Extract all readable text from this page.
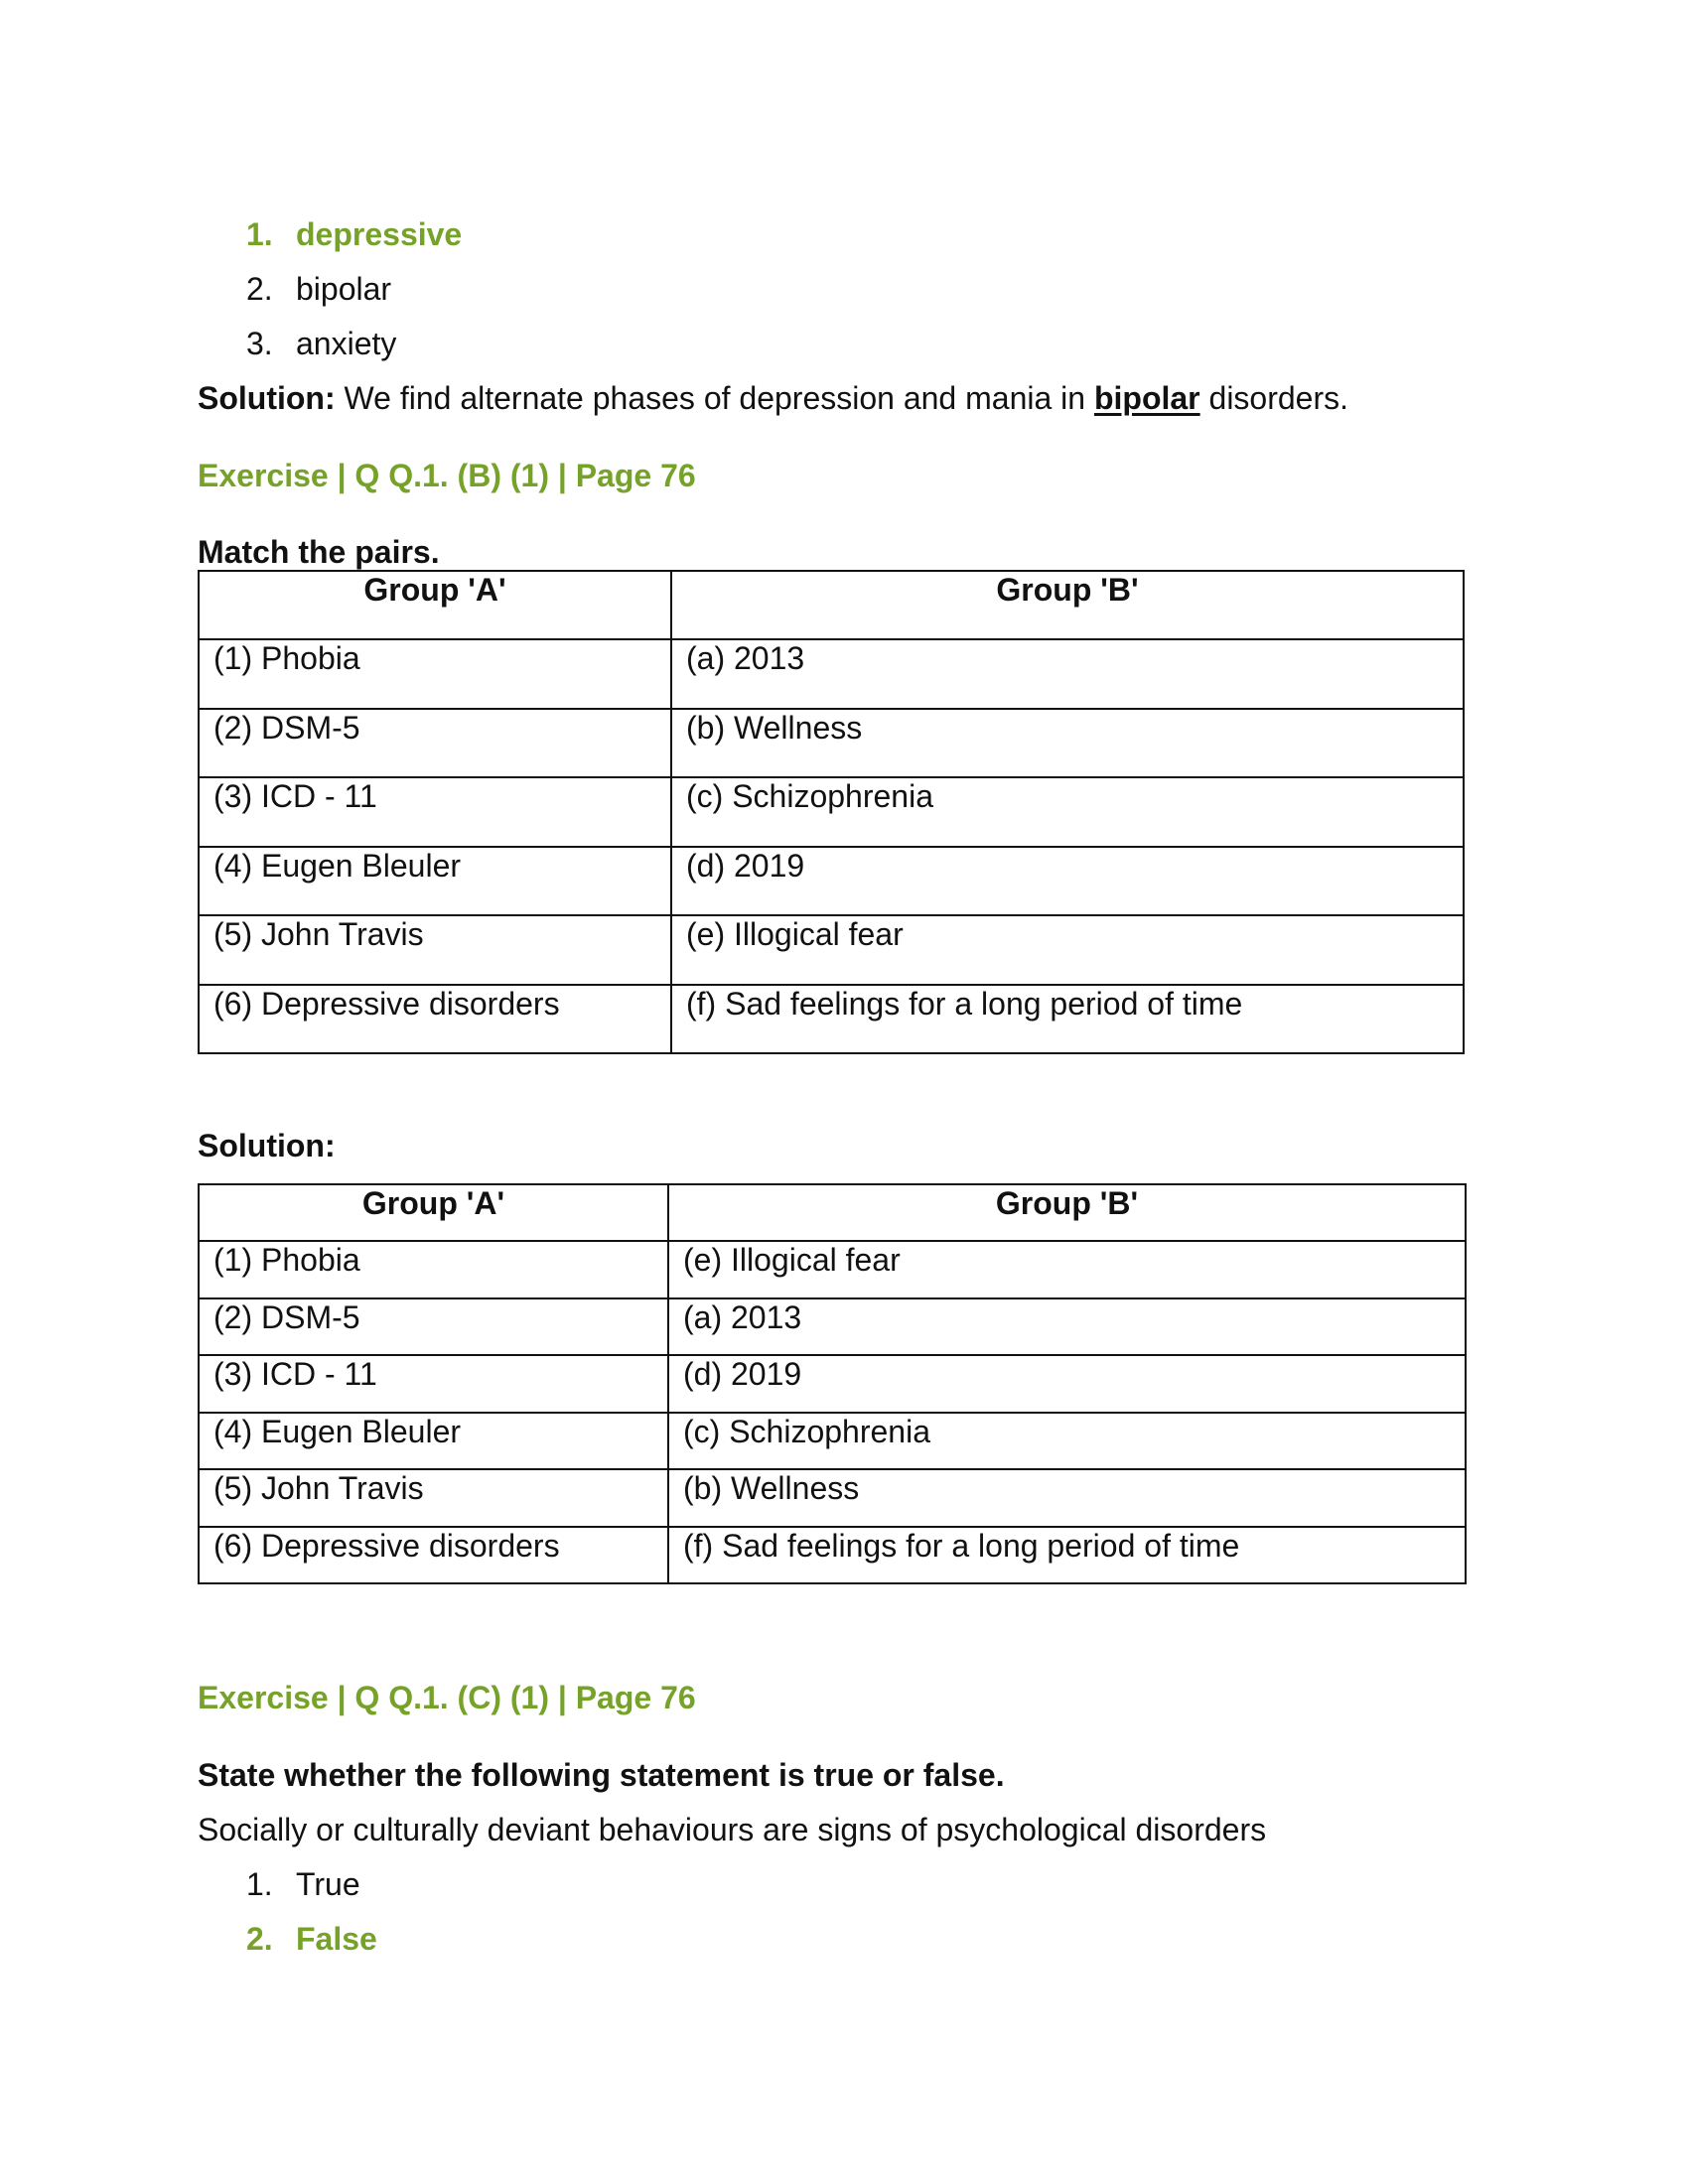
1. depressive
2. bipolar
3. anxiety
Solution: We find alternate phases of depression and mania in bipolar disorders.
Exercise | Q Q.1. (B) (1) | Page 76
Match the pairs.
Group 'A'	Group 'B'
(1) Phobia	(a) 2013
(2) DSM-5	(b) Wellness
(3) ICD - 11	(c) Schizophrenia
(4) Eugen Bleuler	(d) 2019
(5) John Travis	(e) Illogical fear
(6) Depressive disorders	(f) Sad feelings for a long period of time
Solution:
Group 'A'	Group 'B'
(1) Phobia	(e) Illogical fear
(2) DSM-5	(a) 2013
(3) ICD - 11	(d) 2019
(4) Eugen Bleuler	(c) Schizophrenia
(5) John Travis	(b) Wellness
(6) Depressive disorders	(f) Sad feelings for a long period of time
Exercise | Q Q.1. (C) (1) | Page 76
State whether the following statement is true or false.
Socially or culturally deviant behaviours are signs of psychological disorders
1. True
2. False
